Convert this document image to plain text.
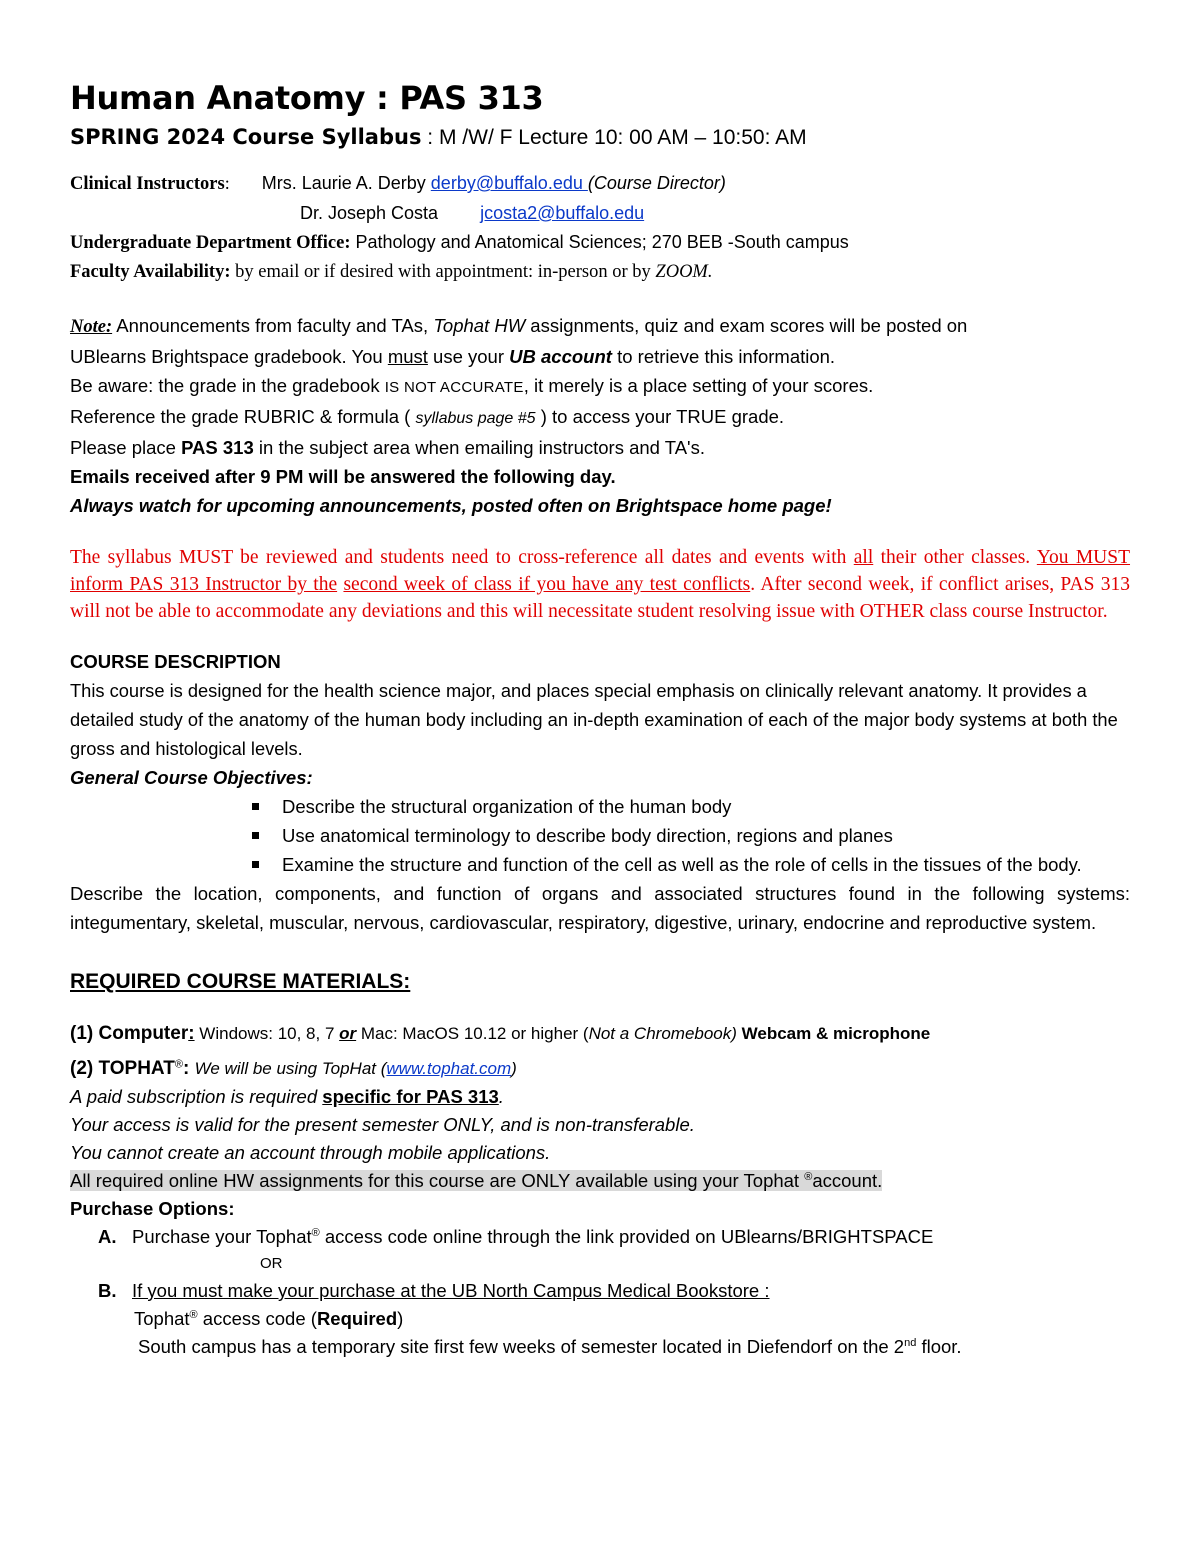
Human Anatomy : PAS 313
SPRING 2024 Course Syllabus : M /W/ F Lecture 10: 00 AM – 10:50: AM
Clinical Instructors: Mrs. Laurie A. Derby derby@buffalo.edu (Course Director)
Dr. Joseph Costa jcosta2@buffalo.edu
Undergraduate Department Office: Pathology and Anatomical Sciences; 270 BEB -South campus
Faculty Availability: by email or if desired with appointment: in-person or by ZOOM.
Note: Announcements from faculty and TAs, Tophat HW assignments, quiz and exam scores will be posted on
UBlearns Brightspace gradebook. You must use your UB account to retrieve this information.
Be aware: the grade in the gradebook IS NOT ACCURATE, it merely is a place setting of your scores.
Reference the grade RUBRIC & formula ( syllabus page #5 ) to access your TRUE grade.
Please place PAS 313 in the subject area when emailing instructors and TA's.
Emails received after 9 PM will be answered the following day.
Always watch for upcoming announcements, posted often on Brightspace home page!
The syllabus MUST be reviewed and students need to cross-reference all dates and events with all their other classes. You MUST inform PAS 313 Instructor by the second week of class if you have any test conflicts. After second week, if conflict arises, PAS 313 will not be able to accommodate any deviations and this will necessitate student resolving issue with OTHER class course Instructor.
COURSE DESCRIPTION
This course is designed for the health science major, and places special emphasis on clinically relevant anatomy. It provides a detailed study of the anatomy of the human body including an in-depth examination of each of the major body systems at both the gross and histological levels.
General Course Objectives:
Describe the structural organization of the human body
Use anatomical terminology to describe body direction, regions and planes
Examine the structure and function of the cell as well as the role of cells in the tissues of the body.
Describe the location, components, and function of organs and associated structures found in the following systems: integumentary, skeletal, muscular, nervous, cardiovascular, respiratory, digestive, urinary, endocrine and reproductive system.
REQUIRED COURSE MATERIALS:
(1) Computer: Windows: 10, 8, 7 or Mac: MacOS 10.12 or higher (Not a Chromebook) Webcam & microphone
(2) TOPHAT®: We will be using TopHat (www.tophat.com)
A paid subscription is required specific for PAS 313.
Your access is valid for the present semester ONLY, and is non-transferable.
You cannot create an account through mobile applications.
All required online HW assignments for this course are ONLY available using your Tophat ®account.
Purchase Options:
A. Purchase your Tophat® access code online through the link provided on UBlearns/BRIGHTSPACE
OR
B. If you must make your purchase at the UB North Campus Medical Bookstore :
Tophat® access code (Required)
South campus has a temporary site first few weeks of semester located in Diefendorf on the 2nd floor.
